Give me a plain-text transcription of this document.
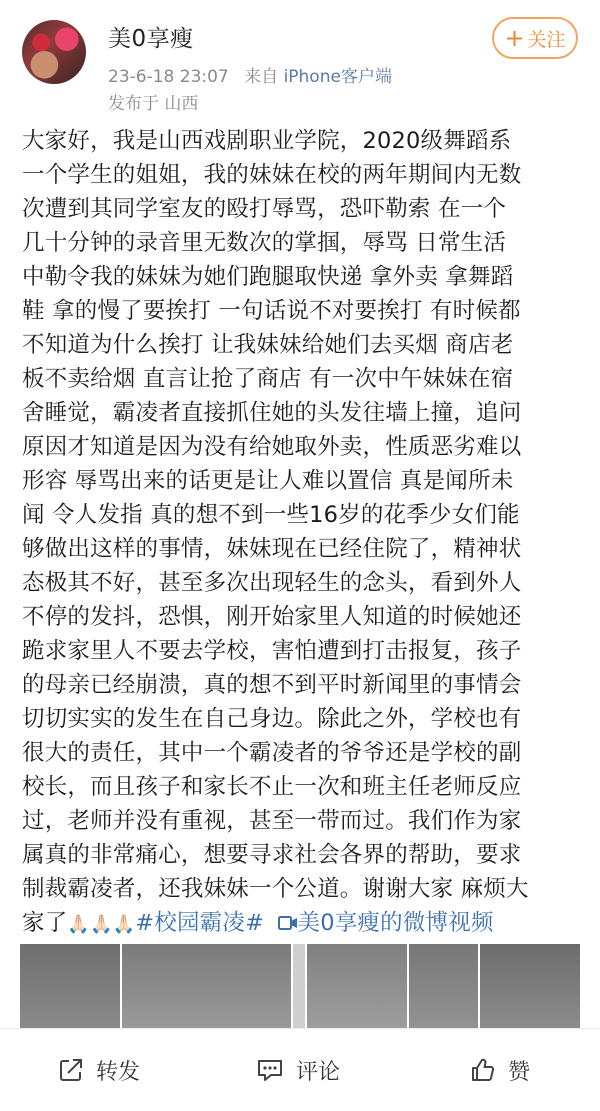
美0享瘦
23-6-18 23:07 来自 iPhone客户端
发布于 山西
+ 关注
大家好，我是山西戏剧职业学院，2020级舞蹈系
一个学生的姐姐，我的妹妹在校的两年期间内无数
次遭到其同学室友的殴打辱骂，恐吓勒索 在一个
几十分钟的录音里无数次的掌掴，辱骂 日常生活
中勒令我的妹妹为她们跑腿取快递 拿外卖 拿舞蹈
鞋 拿的慢了要挨打 一句话说不对要挨打 有时候都
不知道为什么挨打 让我妹妹给她们去买烟 商店老
板不卖给烟 直言让抢了商店 有一次中午妹妹在宿
舍睡觉，霸凌者直接抓住她的头发往墙上撞，追问
原因才知道是因为没有给她取外卖，性质恶劣难以
形容 辱骂出来的话更是让人难以置信 真是闻所未
闻 令人发指 真的想不到一些16岁的花季少女们能
够做出这样的事情，妹妹现在已经住院了，精神状
态极其不好，甚至多次出现轻生的念头，看到外人
不停的发抖，恐惧，刚开始家里人知道的时候她还
跪求家里人不要去学校，害怕遭到打击报复，孩子
的母亲已经崩溃，真的想不到平时新闻里的事情会
切切实实的发生在自己身边。除此之外，学校也有
很大的责任，其中一个霸凌者的爷爷还是学校的副
校长，而且孩子和家长不止一次和班主任老师反应
过，老师并没有重视，甚至一带而过。我们作为家
属真的非常痛心，想要寻求社会各界的帮助，要求
制裁霸凌者，还我妹妹一个公道。谢谢大家 麻烦大
家了🙏🏻🙏🏻🙏🏻#校园霸凌# 美0享瘦的微博视频
转发	评论	赞
